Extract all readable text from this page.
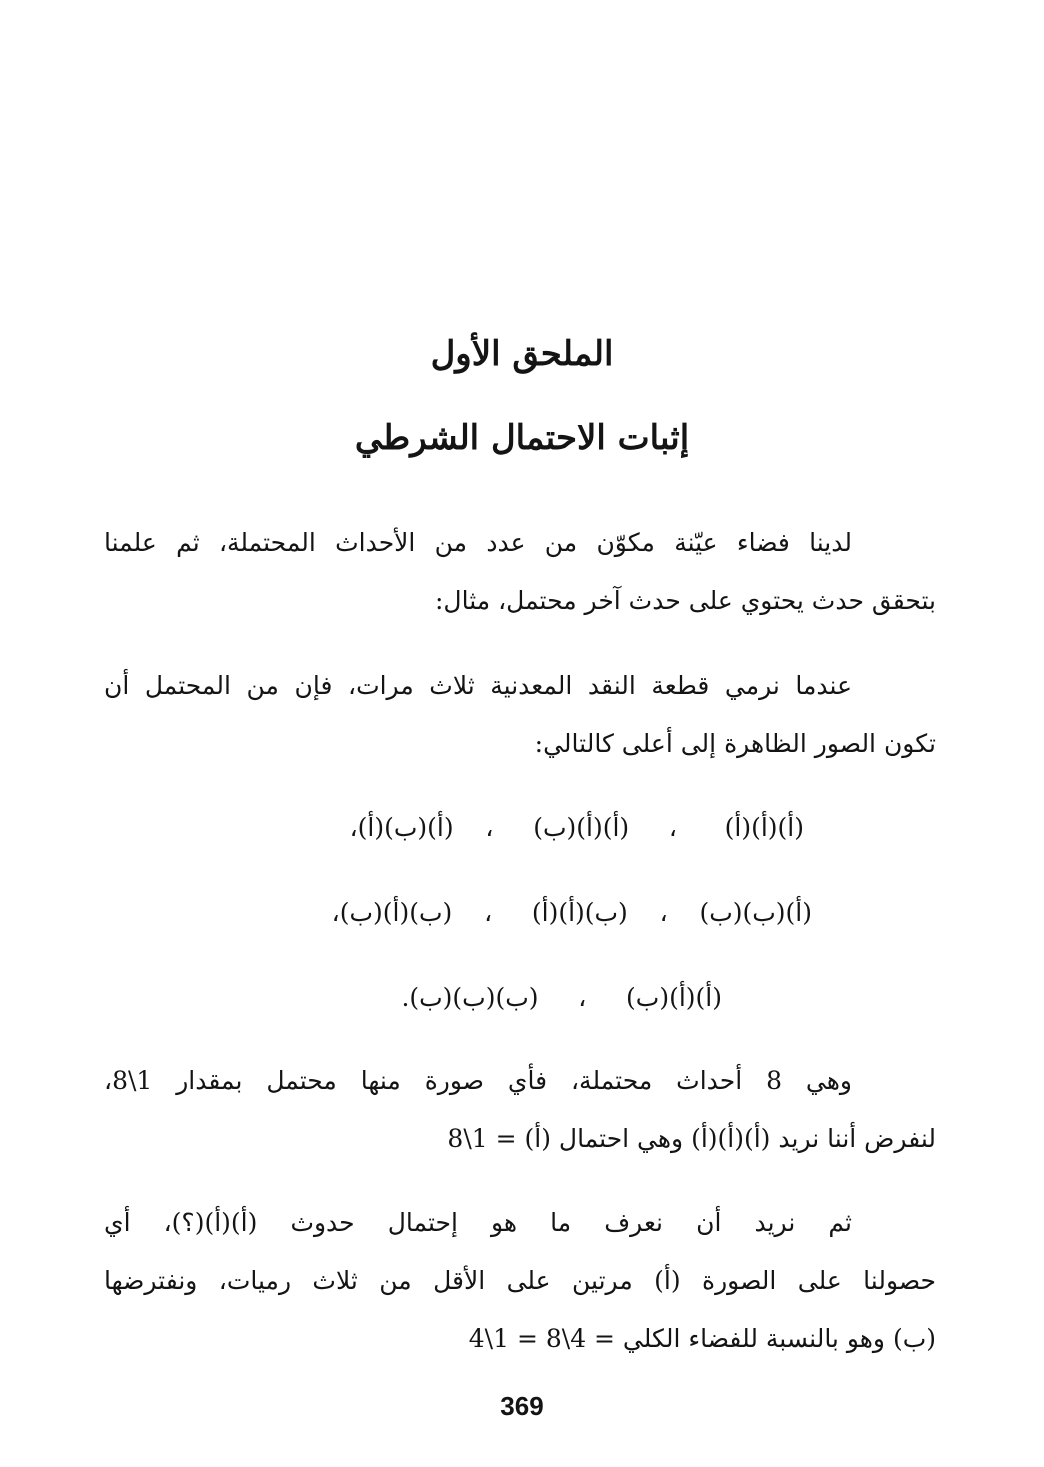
الملحق الأول
إثبات الاحتمال الشرطي
لدينا فضاء عيّنة مكوّن من عدد من الأحداث المحتملة، ثم علمنا
بتحقق حدث يحتوي على حدث آخر محتمل، مثال:
عندما نرمي قطعة النقد المعدنية ثلاث مرات، فإن من المحتمل أن
تكون الصور الظاهرة إلى أعلى كالتالي:
(أ)(أ)(أ)      ،     (أ)(أ)(ب)     ،    (أ)(ب)(أ)،
(أ)(ب)(ب)    ،    (ب)(أ)(أ)     ،    (ب)(أ)(ب)،
(أ)(أ)(ب)     ،     (ب)(ب)(ب).
وهي 8 أحداث محتملة، فأي صورة منها محتمل بمقدار 1\8،
لنفرض أننا نريد (أ)(أ)(أ) وهي احتمال (أ) = 1\8
ثم نريد أن نعرف ما هو إحتمال حدوث (أ)(أ)(؟)، أي
حصولنا على الصورة (أ) مرتين على الأقل من ثلاث رميات، ونفترضها
(ب) وهو بالنسبة للفضاء الكلي = 4\8 = 1\4
369
